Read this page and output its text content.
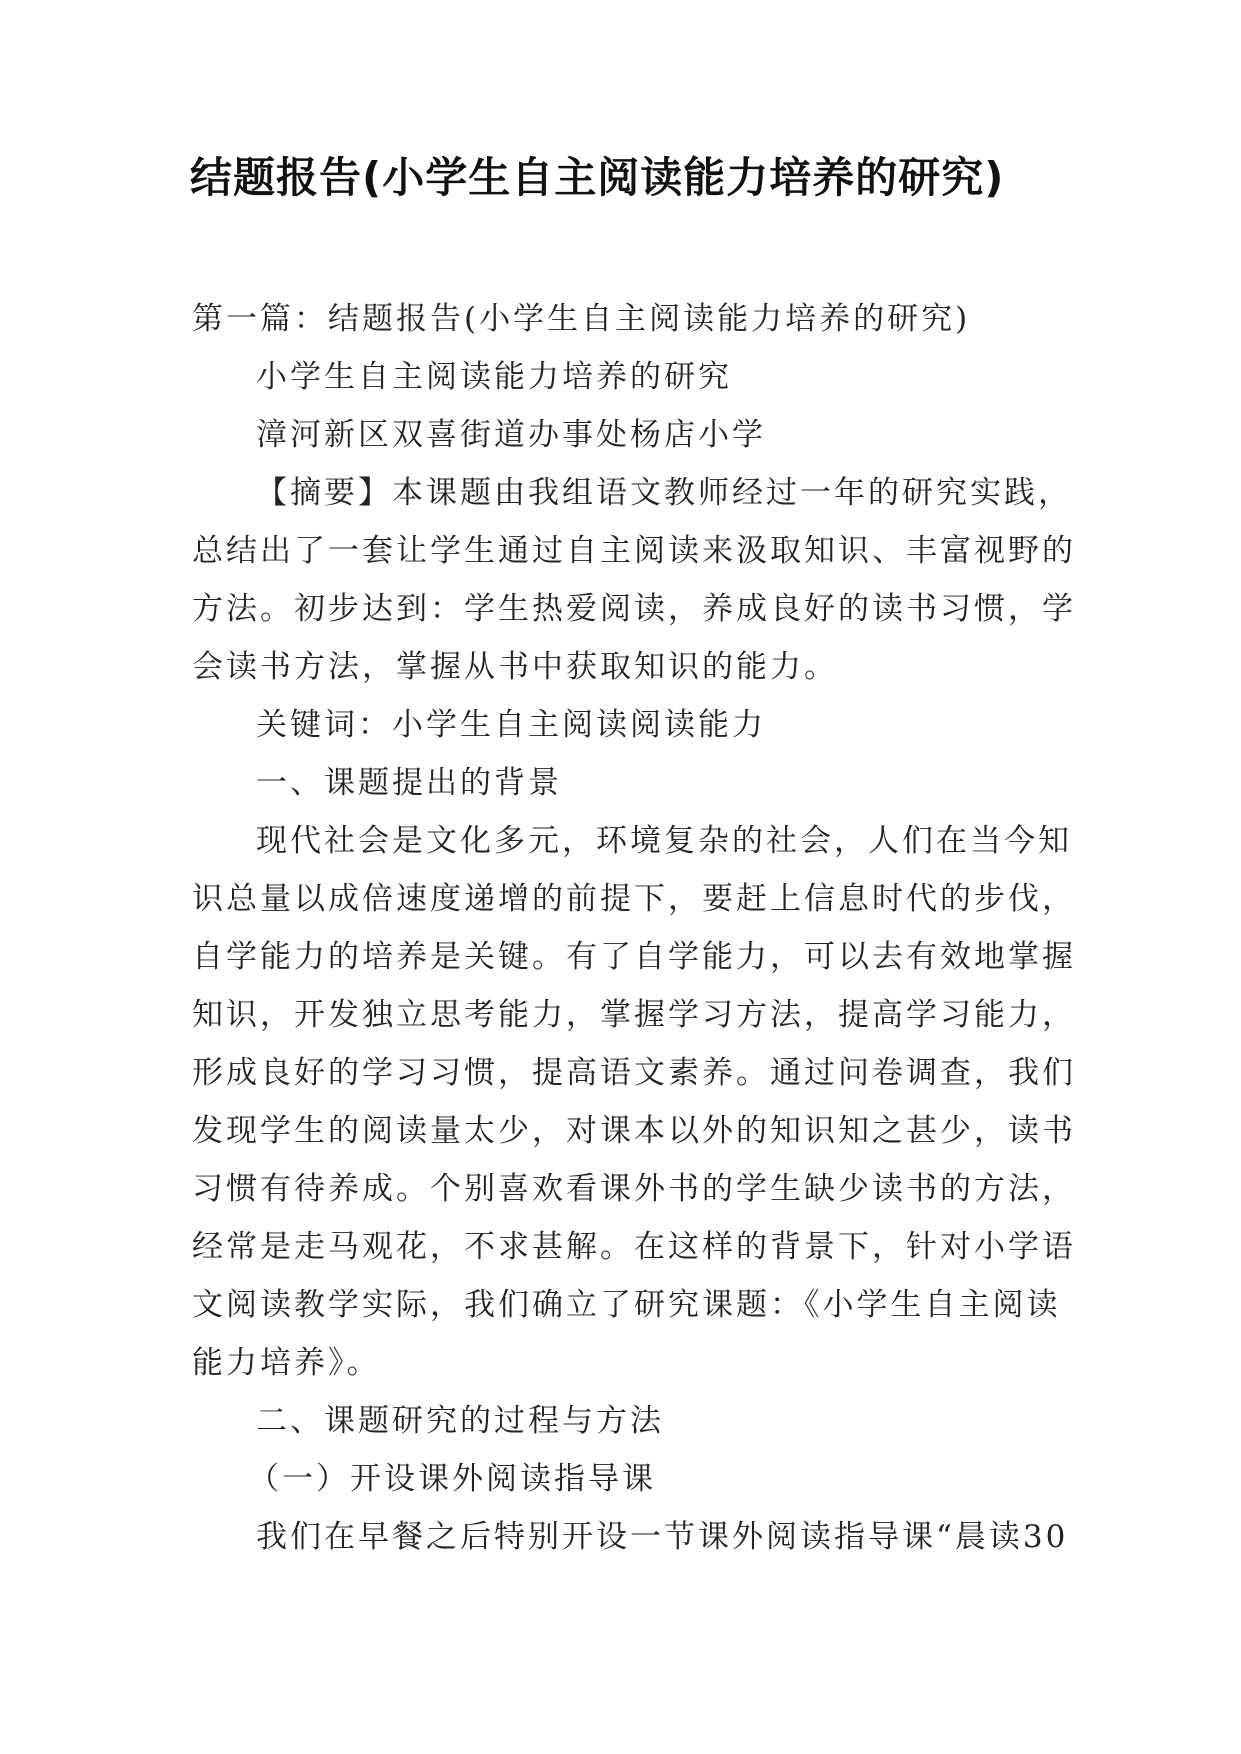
结题报告(小学生自主阅读能力培养的研究)

第一篇：结题报告(小学生自主阅读能力培养的研究)

小学生自主阅读能力培养的研究

漳河新区双喜街道办事处杨店小学

【摘要】本课题由我组语文教师经过一年的研究实践，

总结出了一套让学生通过自主阅读来汲取知识、丰富视野的

方法。初步达到：学生热爱阅读，养成良好的读书习惯，学

会读书方法，掌握从书中获取知识的能力。

关键词：小学生自主阅读阅读能力

一、课题提出的背景

现代社会是文化多元，环境复杂的社会，人们在当今知

识总量以成倍速度递增的前提下，要赶上信息时代的步伐，

自学能力的培养是关键。有了自学能力，可以去有效地掌握

知识，开发独立思考能力，掌握学习方法，提高学习能力，

形成良好的学习习惯，提高语文素养。通过问卷调查，我们

发现学生的阅读量太少，对课本以外的知识知之甚少，读书

习惯有待养成。个别喜欢看课外书的学生缺少读书的方法，

经常是走马观花，不求甚解。在这样的背景下，针对小学语

文阅读教学实际，我们确立了研究课题：《小学生自主阅读

能力培养》。

二、课题研究的过程与方法

（一）开设课外阅读指导课

我们在早餐之后特别开设一节课外阅读指导课“晨读30
